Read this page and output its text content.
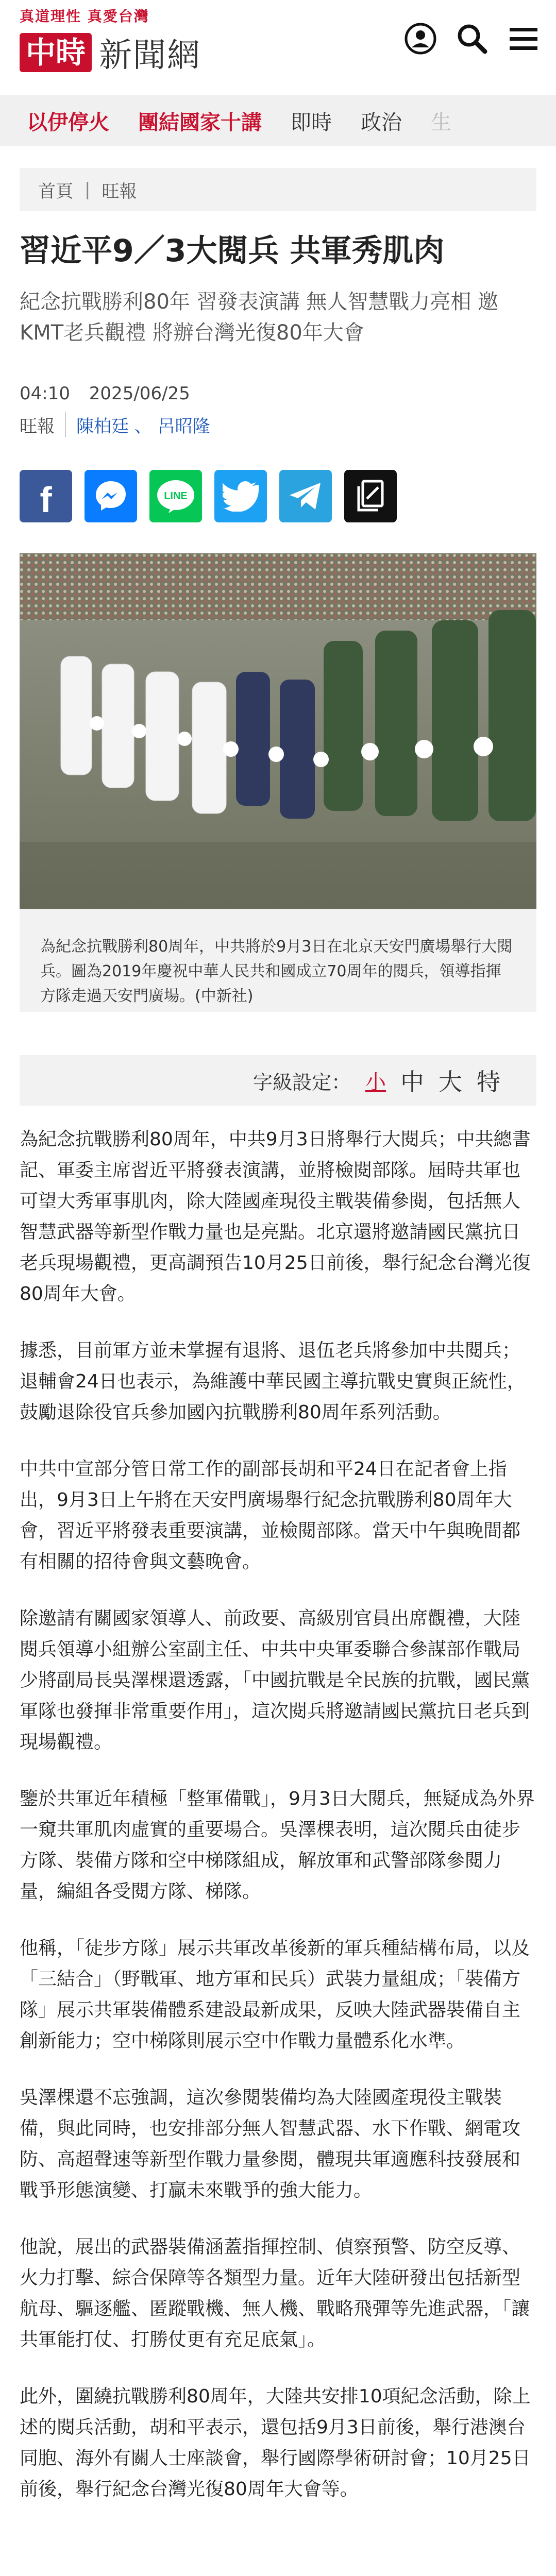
真道理性 真愛台灣
中時 新聞網
以伊停火	團結國家十講	即時	政治	生
首頁 | 旺報
習近平9／3大閱兵 共軍秀肌肉
紀念抗戰勝利80年 習發表演講 無人智慧戰力亮相 邀KMT老兵觀禮 將辦台灣光復80年大會
04:10 2025/06/25
旺報	陳柏廷 、 呂昭隆
f	LINE
為紀念抗戰勝利80周年，中共將於9月3日在北京天安門廣場舉行大閱兵。圖為2019年慶祝中華人民共和國成立70周年的閱兵，領導指揮方隊走過天安門廣場。(中新社)
字級設定： 小 中 大 特

為紀念抗戰勝利80周年，中共9月3日將舉行大閱兵；中共總書記、軍委主席習近平將發表演講，並將檢閱部隊。屆時共軍也可望大秀軍事肌肉，除大陸國產現役主戰裝備參閱，包括無人智慧武器等新型作戰力量也是亮點。北京還將邀請國民黨抗日老兵現場觀禮，更高調預告10月25日前後，舉行紀念台灣光復80周年大會。

據悉，目前軍方並未掌握有退將、退伍老兵將參加中共閱兵；退輔會24日也表示，為維護中華民國主導抗戰史實與正統性，鼓勵退除役官兵參加國內抗戰勝利80周年系列活動。

中共中宣部分管日常工作的副部長胡和平24日在記者會上指出，9月3日上午將在天安門廣場舉行紀念抗戰勝利80周年大會，習近平將發表重要演講，並檢閱部隊。當天中午與晚間都有相關的招待會與文藝晚會。

除邀請有關國家領導人、前政要、高級別官員出席觀禮，大陸閱兵領導小組辦公室副主任、中共中央軍委聯合參謀部作戰局少將副局長吳澤棵還透露，「中國抗戰是全民族的抗戰，國民黨軍隊也發揮非常重要作用」，這次閱兵將邀請國民黨抗日老兵到現場觀禮。

鑒於共軍近年積極「整軍備戰」，9月3日大閱兵，無疑成為外界一窺共軍肌肉虛實的重要場合。吳澤棵表明，這次閱兵由徒步方隊、裝備方隊和空中梯隊組成，解放軍和武警部隊參閱力量，編組各受閱方隊、梯隊。

他稱，「徒步方隊」展示共軍改革後新的軍兵種結構布局，以及「三結合」（野戰軍、地方軍和民兵）武裝力量組成；「裝備方隊」展示共軍裝備體系建設最新成果，反映大陸武器裝備自主創新能力；空中梯隊則展示空中作戰力量體系化水準。

吳澤棵還不忘強調，這次參閱裝備均為大陸國產現役主戰裝備，與此同時，也安排部分無人智慧武器、水下作戰、網電攻防、高超聲速等新型作戰力量參閱，體現共軍適應科技發展和戰爭形態演變、打贏未來戰爭的強大能力。

他說，展出的武器裝備涵蓋指揮控制、偵察預警、防空反導、火力打擊、綜合保障等各類型力量。近年大陸研發出包括新型航母、驅逐艦、匿蹤戰機、無人機、戰略飛彈等先進武器，「讓共軍能打仗、打勝仗更有充足底氣」。

此外，圍繞抗戰勝利80周年，大陸共安排10項紀念活動，除上述的閱兵活動，胡和平表示，還包括9月3日前後，舉行港澳台同胞、海外有關人士座談會，舉行國際學術研討會；10月25日前後，舉行紀念台灣光復80周年大會等。
